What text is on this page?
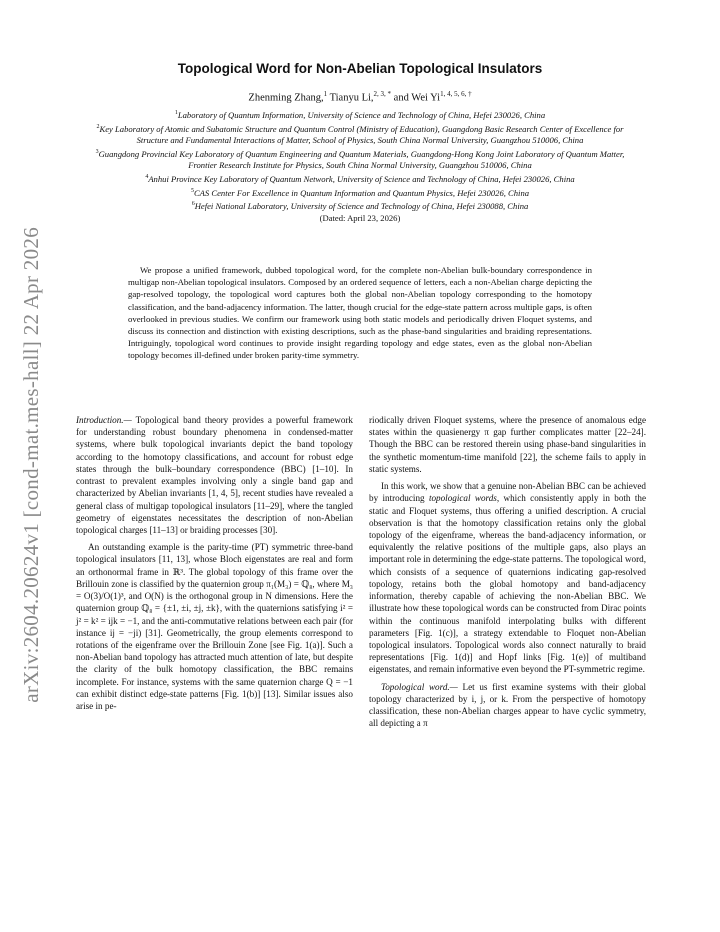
arXiv:2604.20624v1 [cond-mat.mes-hall] 22 Apr 2026
Topological Word for Non-Abelian Topological Insulators
Zhenming Zhang,$^1$ Tianyu Li,$^{2, 3, *}$ and Wei $Yi^{1, 4, 5, 6, \dagger}$
$^1$Laboratory of Quantum Information, University of Science and Technology of China, Hefei 230026, China
$^2$Key Laboratory of Atomic and Subatomic Structure and Quantum Control (Ministry of Education), Guangdong Basic Research Center of Excellence for Structure and Fundamental Interactions of Matter, School of Physics, South China Normal University, Guangzhou 510006, China
$^3$Guangdong Provincial Key Laboratory of Quantum Engineering and Quantum Materials, Guangdong-Hong Kong Joint Laboratory of Quantum Matter, Frontier Research Institute for Physics, South China Normal University, Guangzhou 510006, China
$^4$Anhui Province Key Laboratory of Quantum Network, University of Science and Technology of China, Hefei 230026, China
$^5$CAS Center For Excellence in Quantum Information and Quantum Physics, Hefei 230026, China
$^6$Hefei National Laboratory, University of Science and Technology of China, Hefei 230088, China
(Dated: April 23, 2026)
We propose a unified framework, dubbed topological word, for the complete non-Abelian bulk-boundary correspondence in multigap non-Abelian topological insulators. Composed by an ordered sequence of letters, each a non-Abelian charge depicting the gap-resolved topology, the topological word captures both the global non-Abelian topology corresponding to the homotopy classification, and the band-adjacency information. The latter, though crucial for the edge-state pattern across multiple gaps, is often overlooked in previous studies. We confirm our framework using both static models and periodically driven Floquet systems, and discuss its connection and distinction with existing descriptions, such as the phase-band singularities and braiding representations. Intriguingly, topological word continues to provide insight regarding topology and edge states, even as the global non-Abelian topology becomes ill-defined under broken parity-time symmetry.

Introduction.— Topological band theory provides a powerful framework for understanding robust boundary phenomena in condensed-matter systems, where bulk topological invariants depict the band topology according to the homotopy classifications, and account for robust edge states through the bulk–boundary correspondence (BBC) [1–10]. In contrast to prevalent examples involving only a single band gap and characterized by Abelian invariants [1, 4, 5], recent studies have revealed a general class of multigap topological insulators [11–29], where the tangled geometry of eigenstates necessitates the description of non-Abelian topological charges [11–13] or braiding processes [30].

An outstanding example is the parity-time (PT) symmetric three-band topological insulators [11, 13], whose Bloch eigenstates are real and form an orthonormal frame in ℝ³. The global topology of this frame over the Brillouin zone is classified by the quaternion group π₁(M₃) = ℚ₈, where M₃ = O(3)/O(1)³, and O(N) is the orthogonal group in N dimensions. Here the quaternion group ℚ₈ = {±1, ±i, ±j, ±k}, with the quaternions satisfying i² = j² = k² = ijk = −1, and the anti-commutative relations between each pair (for instance ij = −ji) [31]. Geometrically, the group elements correspond to rotations of the eigenframe over the Brillouin Zone [see Fig. 1(a)]. Such a non-Abelian band topology has attracted much attention of late, but despite the clarity of the bulk homotopy classification, the BBC remains incomplete. For instance, systems with the same quaternion charge Q = −1 can exhibit distinct edge-state patterns [Fig. 1(b)] [13]. Similar issues also arise in pe-

riodically driven Floquet systems, where the presence of anomalous edge states within the quasienergy π gap further complicates matter [22–24]. Though the BBC can be restored therein using phase-band singularities in the synthetic momentum-time manifold [22], the scheme fails to apply in static systems.

In this work, we show that a genuine non-Abelian BBC can be achieved by introducing topological words, which consistently apply in both the static and Floquet systems, thus offering a unified description. A crucial observation is that the homotopy classification retains only the global topology of the eigenframe, whereas the band-adjacency information, or equivalently the relative positions of the multiple gaps, also plays an important role in determining the edge-state patterns. The topological word, which consists of a sequence of quaternions indicating gap-resolved topology, retains both the global homotopy and band-adjacency information, thereby capable of achieving the non-Abelian BBC. We illustrate how these topological words can be constructed from Dirac points within the continuous manifold interpolating bulks with different parameters [Fig. 1(c)], a strategy extendable to Floquet non-Abelian topological insulators. Topological words also connect naturally to braid representations [Fig. 1(d)] and Hopf links [Fig. 1(e)] of multiband eigenstates, and remain informative even beyond the PT-symmetric regime.

Topological word.— Let us first examine systems with their global topology characterized by i, j, or k. From the perspective of homotopy classification, these non-Abelian charges appear to have cyclic symmetry, all depicting a π
